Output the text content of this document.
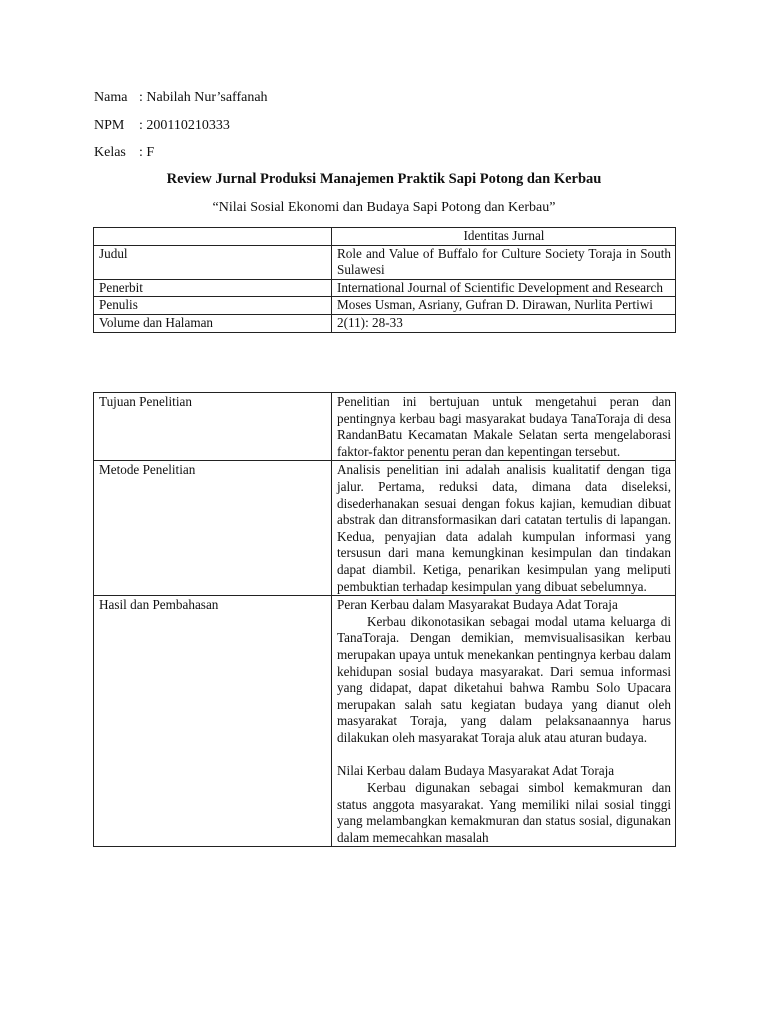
Nama : Nabilah Nur’saffanah
NPM : 200110210333
Kelas : F
Review Jurnal Produksi Manajemen Praktik Sapi Potong dan Kerbau
“Nilai Sosial Ekonomi dan Budaya Sapi Potong dan Kerbau”
	Identitas Jurnal
Judul	Role and Value of Buffalo for Culture Society Toraja in South Sulawesi
Penerbit	International Journal of Scientific Development and Research
Penulis	Moses Usman, Asriany, Gufran D. Dirawan, Nurlita Pertiwi
Volume dan Halaman	2(11): 28-33
Tujuan Penelitian	Penelitian ini bertujuan untuk mengetahui peran dan pentingnya kerbau bagi masyarakat budaya TanaToraja di desa RandanBatu Kecamatan Makale Selatan serta mengelaborasi faktor-faktor penentu peran dan kepentingan tersebut.
Metode Penelitian	Analisis penelitian ini adalah analisis kualitatif dengan tiga jalur. Pertama, reduksi data, dimana data diseleksi, disederhanakan sesuai dengan fokus kajian, kemudian dibuat abstrak dan ditransformasikan dari catatan tertulis di lapangan. Kedua, penyajian data adalah kumpulan informasi yang tersusun dari mana kemungkinan kesimpulan dan tindakan dapat diambil. Ketiga, penarikan kesimpulan yang meliputi pembuktian terhadap kesimpulan yang dibuat sebelumnya.
Hasil dan Pembahasan	Peran Kerbau dalam Masyarakat Budaya Adat Toraja

Kerbau dikonotasikan sebagai modal utama keluarga di TanaToraja. Dengan demikian, memvisualisasikan kerbau merupakan upaya untuk menekankan pentingnya kerbau dalam kehidupan sosial budaya masyarakat. Dari semua informasi yang didapat, dapat diketahui bahwa Rambu Solo Upacara merupakan salah satu kegiatan budaya yang dianut oleh masyarakat Toraja, yang dalam pelaksanaannya harus dilakukan oleh masyarakat Toraja aluk atau aturan budaya.

Nilai Kerbau dalam Budaya Masyarakat Adat Toraja

Kerbau digunakan sebagai simbol kemakmuran dan status anggota masyarakat. Yang memiliki nilai sosial tinggi yang melambangkan kemakmuran dan status sosial, digunakan dalam memecahkan masalah
